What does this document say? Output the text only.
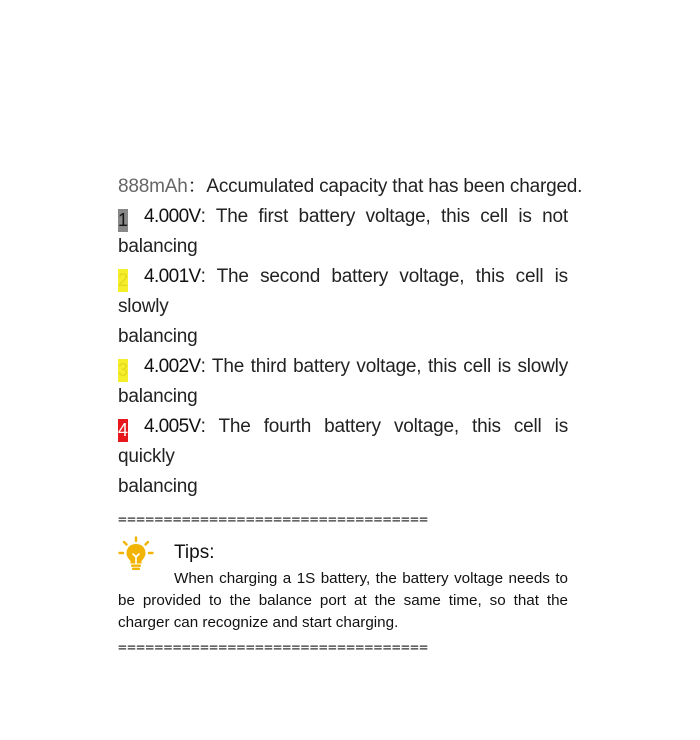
888mAh：Accumulated capacity that has been charged.
1 4.000V: The first battery voltage, this cell is not
balancing
2 4.001V: The second battery voltage, this cell is slowly
balancing
3 4.002V: The third battery voltage, this cell is slowly
balancing
4 4.005V: The fourth battery voltage, this cell is quickly
balancing
==================================
Tips:
When charging a 1S battery, the battery voltage needs to be provided to the balance port at the same time, so that the charger can recognize and start charging.
==================================
